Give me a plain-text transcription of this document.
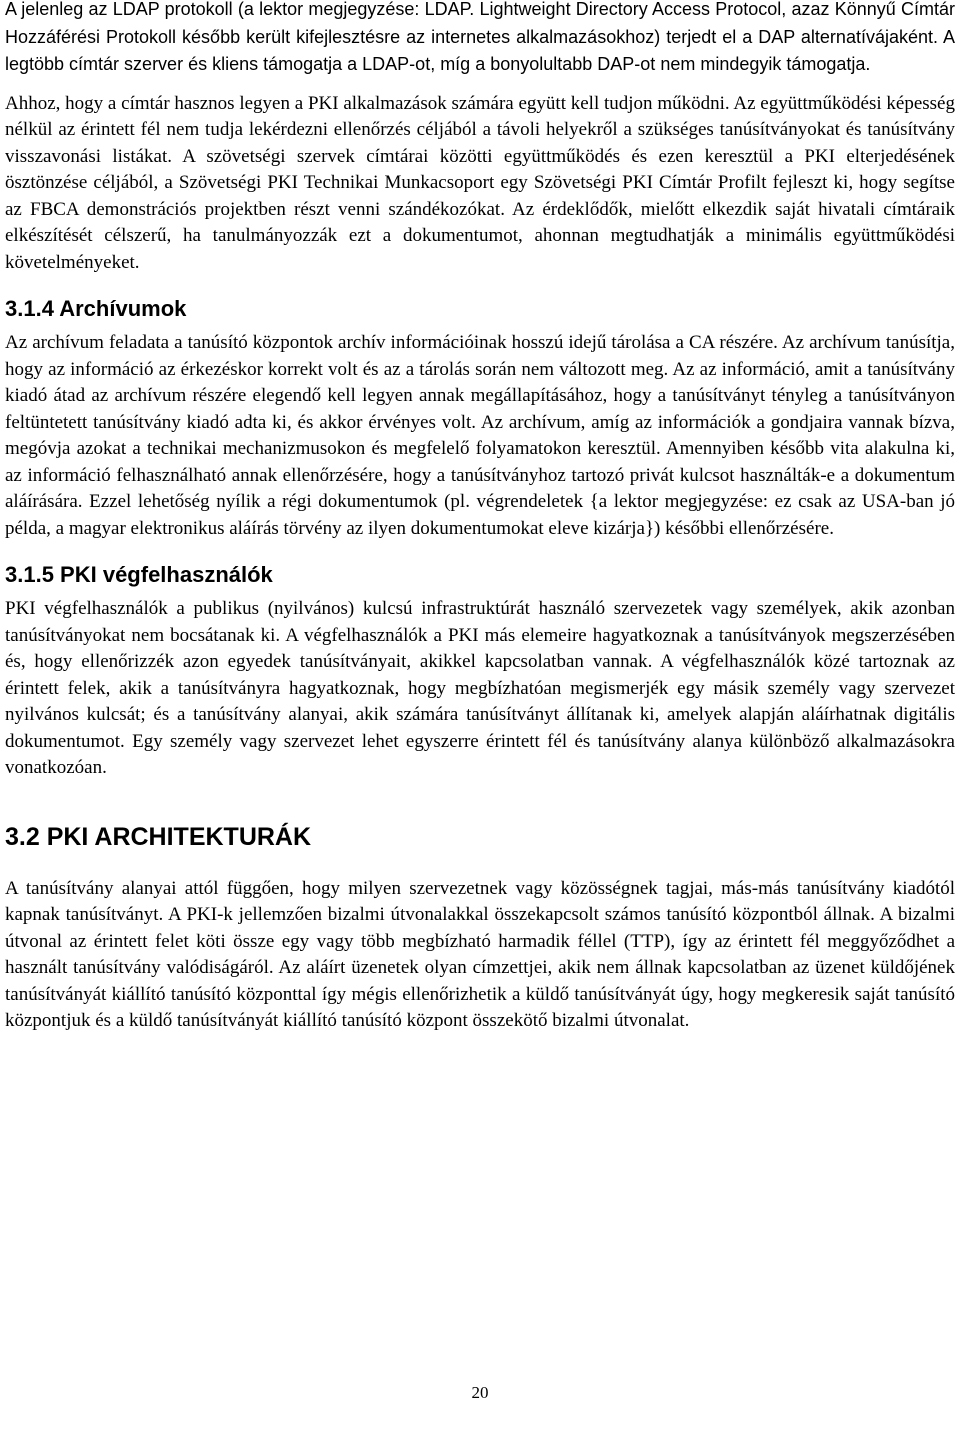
A jelenleg az LDAP protokoll (a lektor megjegyzése: LDAP. Lightweight Directory Access Protocol, azaz Könnyű Címtár Hozzáférési Protokoll később került kifejlesztésre az internetes alkalmazásokhoz) terjedt el a DAP alternatívájaként. A legtöbb címtár szerver és kliens támogatja a LDAP-ot, míg a bonyolultabb DAP-ot nem mindegyik támogatja.

Ahhoz, hogy a címtár hasznos legyen a PKI alkalmazások számára együtt kell tudjon működni. Az együttműködési képesség nélkül az érintett fél nem tudja lekérdezni ellenőrzés céljából a távoli helyekről a szükséges tanúsítványokat és tanúsítvány visszavonási listákat. A szövetségi szervek címtárai közötti együttműködés és ezen keresztül a PKI elterjedésének ösztönzése céljából, a Szövetségi PKI Technikai Munkacsoport egy Szövetségi PKI Címtár Profilt fejleszt ki, hogy segítse az FBCA demonstrációs projektben részt venni szándékozókat. Az érdeklődők, mielőtt elkezdik saját hivatali címtáraik elkészítését célszerű, ha tanulmányozzák ezt a dokumentumot, ahonnan megtudhatják a minimális együttműködési követelményeket.

3.1.4 Archívumok

Az archívum feladata a tanúsító központok archív információinak hosszú idejű tárolása a CA részére. Az archívum tanúsítja, hogy az információ az érkezéskor korrekt volt és az a tárolás során nem változott meg. Az az információ, amit a tanúsítvány kiadó átad az archívum részére elegendő kell legyen annak megállapításához, hogy a tanúsítványt tényleg a tanúsítványon feltüntetett tanúsítvány kiadó adta ki, és akkor érvényes volt. Az archívum, amíg az információk a gondjaira vannak bízva, megóvja azokat a technikai mechanizmusokon és megfelelő folyamatokon keresztül. Amennyiben később vita alakulna ki, az információ felhasználható annak ellenőrzésére, hogy a tanúsítványhoz tartozó privát kulcsot használták-e a dokumentum aláírására. Ezzel lehetőség nyílik a régi dokumentumok (pl. végrendeletek {a lektor megjegyzése: ez csak az USA-ban jó példa, a magyar elektronikus aláírás törvény az ilyen dokumentumokat eleve kizárja}) későbbi ellenőrzésére.

3.1.5 PKI végfelhasználók

PKI végfelhasználók a publikus (nyilvános) kulcsú infrastruktúrát használó szervezetek vagy személyek, akik azonban tanúsítványokat nem bocsátanak ki. A végfelhasználók a PKI más elemeire hagyatkoznak a tanúsítványok megszerzésében és, hogy ellenőrizzék azon egyedek tanúsítványait, akikkel kapcsolatban vannak. A végfelhasználók közé tartoznak az érintett felek, akik a tanúsítványra hagyatkoznak, hogy megbízhatóan megismerjék egy másik személy vagy szervezet nyilvános kulcsát; és a tanúsítvány alanyai, akik számára tanúsítványt állítanak ki, amelyek alapján aláírhatnak digitális dokumentumot. Egy személy vagy szervezet lehet egyszerre érintett fél és tanúsítvány alanya különböző alkalmazásokra vonatkozóan.

3.2 PKI ARCHITEKTURÁK

A tanúsítvány alanyai attól függően, hogy milyen szervezetnek vagy közösségnek tagjai, más-más tanúsítvány kiadótól kapnak tanúsítványt. A PKI-k jellemzően bizalmi útvonalakkal összekapcsolt számos tanúsító központból állnak. A bizalmi útvonal az érintett felet köti össze egy vagy több megbízható harmadik féllel (TTP), így az érintett fél meggyőződhet a használt tanúsítvány valódiságáról. Az aláírt üzenetek olyan címzettjei, akik nem állnak kapcsolatban az üzenet küldőjének tanúsítványát kiállító tanúsító központtal így mégis ellenőrizhetik a küldő tanúsítványát úgy, hogy megkeresik saját tanúsító központjuk és a küldő tanúsítványát kiállító tanúsító központ összekötő bizalmi útvonalat.

20
